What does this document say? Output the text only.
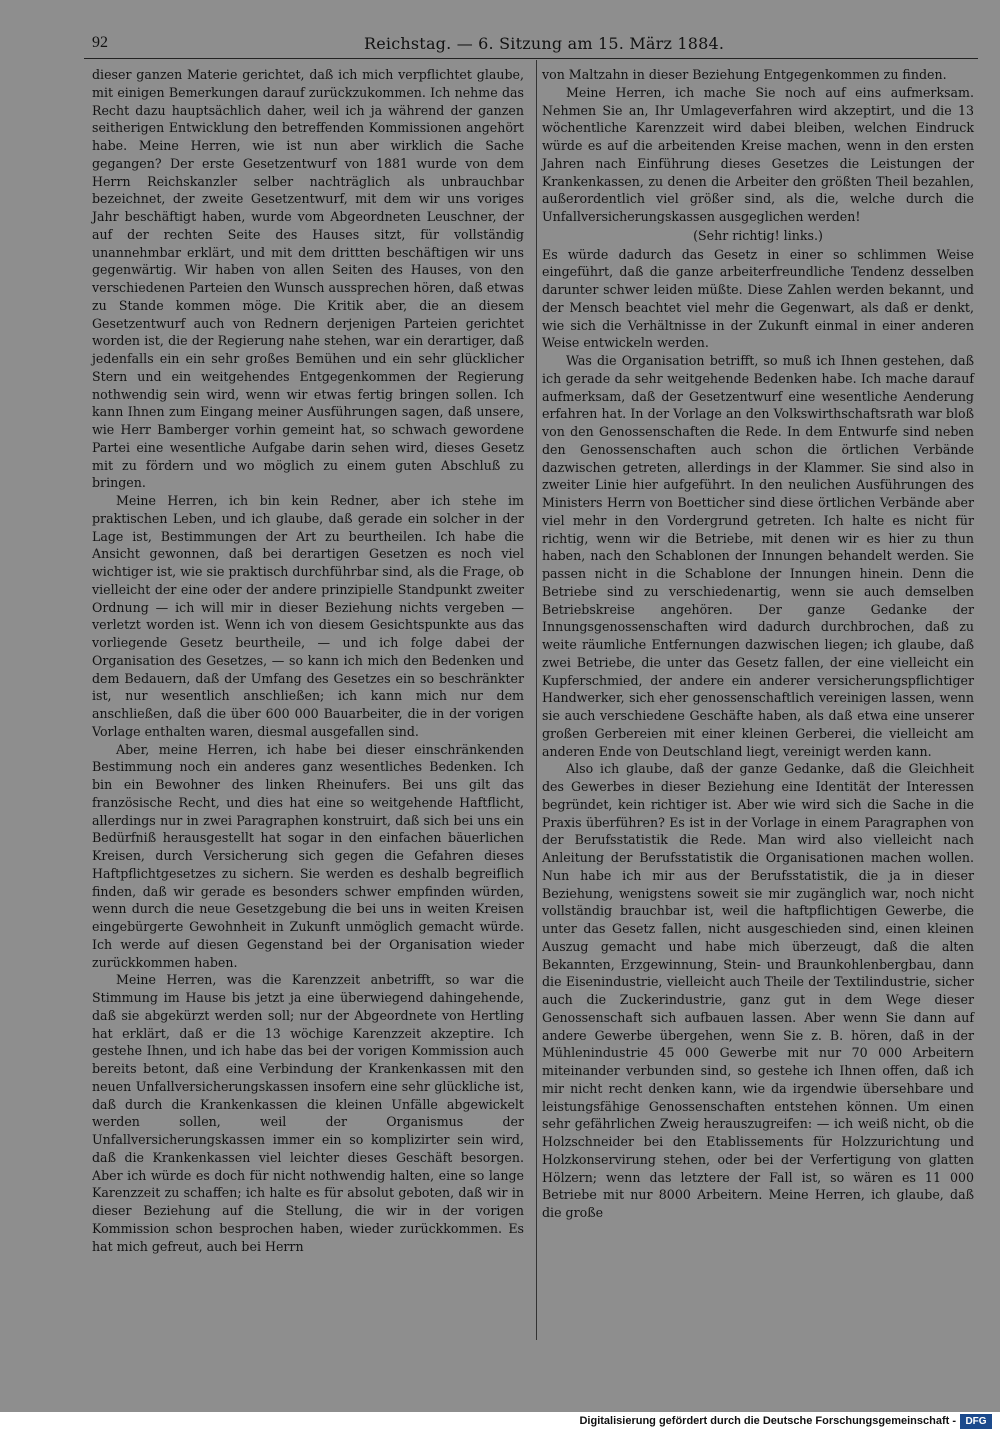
92	Reichstag. — 6. Sitzung am 15. März 1884.

dieser ganzen Materie gerichtet, daß ich mich verpflichtet glaube, mit einigen Bemerkungen darauf zurückzukommen. Ich nehme das Recht dazu hauptsächlich daher, weil ich ja während der ganzen seitherigen Entwicklung den betreffenden Kommissionen angehört habe. Meine Herren, wie ist nun aber wirklich die Sache gegangen? Der erste Gesetzentwurf von 1881 wurde von dem Herrn Reichskanzler selber nachträglich als unbrauchbar bezeichnet, der zweite Gesetzentwurf, mit dem wir uns voriges Jahr beschäftigt haben, wurde vom Abgeordneten Leuschner, der auf der rechten Seite des Hauses sitzt, für vollständig unannehmbar erklärt, und mit dem drittten beschäftigen wir uns gegenwärtig. Wir haben von allen Seiten des Hauses, von den verschiedenen Parteien den Wunsch aussprechen hören, daß etwas zu Stande kommen möge. Die Kritik aber, die an diesem Gesetzentwurf auch von Rednern derjenigen Parteien gerichtet worden ist, die der Regierung nahe stehen, war ein derartiger, daß jedenfalls ein ein sehr großes Bemühen und ein sehr glücklicher Stern und ein weitgehendes Entgegenkommen der Regierung nothwendig sein wird, wenn wir etwas fertig bringen sollen. Ich kann Ihnen zum Eingang meiner Ausführungen sagen, daß unsere, wie Herr Bamberger vorhin gemeint hat, so schwach gewordene Partei eine wesentliche Aufgabe darin sehen wird, dieses Gesetz mit zu fördern und wo möglich zu einem guten Abschluß zu bringen.

Meine Herren, ich bin kein Redner, aber ich stehe im praktischen Leben, und ich glaube, daß gerade ein solcher in der Lage ist, Bestimmungen der Art zu beurtheilen. Ich habe die Ansicht gewonnen, daß bei derartigen Gesetzen es noch viel wichtiger ist, wie sie praktisch durchführbar sind, als die Frage, ob vielleicht der eine oder der andere prinzipielle Standpunkt zweiter Ordnung — ich will mir in dieser Beziehung nichts vergeben — verletzt worden ist. Wenn ich von diesem Gesichtspunkte aus das vorliegende Gesetz beurtheile, — und ich folge dabei der Organisation des Gesetzes, — so kann ich mich den Bedenken und dem Bedauern, daß der Umfang des Gesetzes ein so beschränkter ist, nur wesentlich anschließen; ich kann mich nur dem anschließen, daß die über 600 000 Bauarbeiter, die in der vorigen Vorlage enthalten waren, diesmal ausgefallen sind.

Aber, meine Herren, ich habe bei dieser einschränkenden Bestimmung noch ein anderes ganz wesentliches Bedenken. Ich bin ein Bewohner des linken Rheinufers. Bei uns gilt das französische Recht, und dies hat eine so weitgehende Haftflicht, allerdings nur in zwei Paragraphen konstruirt, daß sich bei uns ein Bedürfniß herausgestellt hat sogar in den einfachen bäuerlichen Kreisen, durch Versicherung sich gegen die Gefahren dieses Haftpflichtgesetzes zu sichern. Sie werden es deshalb begreiflich finden, daß wir gerade es besonders schwer empfinden würden, wenn durch die neue Gesetzgebung die bei uns in weiten Kreisen eingebürgerte Gewohnheit in Zukunft unmöglich gemacht würde. Ich werde auf diesen Gegenstand bei der Organisation wieder zurückkommen haben.

Meine Herren, was die Karenzzeit anbetrifft, so war die Stimmung im Hause bis jetzt ja eine überwiegend dahingehende, daß sie abgekürzt werden soll; nur der Abgeordnete von Hertling hat erklärt, daß er die 13 wöchige Karenzzeit akzeptire. Ich gestehe Ihnen, und ich habe das bei der vorigen Kommission auch bereits betont, daß eine Verbindung der Krankenkassen mit den neuen Unfallversicherungskassen insofern eine sehr glückliche ist, daß durch die Krankenkassen die kleinen Unfälle abgewickelt werden sollen, weil der Organismus der Unfallversicherungskassen immer ein so komplizirter sein wird, daß die Krankenkassen viel leichter dieses Geschäft besorgen. Aber ich würde es doch für nicht nothwendig halten, eine so lange Karenzzeit zu schaffen; ich halte es für absolut geboten, daß wir in dieser Beziehung auf die Stellung, die wir in der vorigen Kommission schon besprochen haben, wieder zurückkommen. Es hat mich gefreut, auch bei Herrn

von Maltzahn in dieser Beziehung Entgegenkommen zu finden.

Meine Herren, ich mache Sie noch auf eins aufmerksam. Nehmen Sie an, Ihr Umlageverfahren wird akzeptirt, und die 13 wöchentliche Karenzzeit wird dabei bleiben, welchen Eindruck würde es auf die arbeitenden Kreise machen, wenn in den ersten Jahren nach Einführung dieses Gesetzes die Leistungen der Krankenkassen, zu denen die Arbeiter den größten Theil bezahlen, außerordentlich viel größer sind, als die, welche durch die Unfallversicherungskassen ausgeglichen werden!

(Sehr richtig! links.)

Es würde dadurch das Gesetz in einer so schlimmen Weise eingeführt, daß die ganze arbeiterfreundliche Tendenz desselben darunter schwer leiden müßte. Diese Zahlen werden bekannt, und der Mensch beachtet viel mehr die Gegenwart, als daß er denkt, wie sich die Verhältnisse in der Zukunft einmal in einer anderen Weise entwickeln werden.

Was die Organisation betrifft, so muß ich Ihnen gestehen, daß ich gerade da sehr weitgehende Bedenken habe. Ich mache darauf aufmerksam, daß der Gesetzentwurf eine wesentliche Aenderung erfahren hat. In der Vorlage an den Volkswirthschaftsrath war bloß von den Genossenschaften die Rede. In dem Entwurfe sind neben den Genossenschaften auch schon die örtlichen Verbände dazwischen getreten, allerdings in der Klammer. Sie sind also in zweiter Linie hier aufgeführt. In den neulichen Ausführungen des Ministers Herrn von Boetticher sind diese örtlichen Verbände aber viel mehr in den Vordergrund getreten. Ich halte es nicht für richtig, wenn wir die Betriebe, mit denen wir es hier zu thun haben, nach den Schablonen der Innungen behandelt werden. Sie passen nicht in die Schablone der Innungen hinein. Denn die Betriebe sind zu verschiedenartig, wenn sie auch demselben Betriebskreise angehören. Der ganze Gedanke der Innungsgenossenschaften wird dadurch durchbrochen, daß zu weite räumliche Entfernungen dazwischen liegen; ich glaube, daß zwei Betriebe, die unter das Gesetz fallen, der eine vielleicht ein Kupferschmied, der andere ein anderer versicherungspflichtiger Handwerker, sich eher genossenschaftlich vereinigen lassen, wenn sie auch verschiedene Geschäfte haben, als daß etwa eine unserer großen Gerbereien mit einer kleinen Gerberei, die vielleicht am anderen Ende von Deutschland liegt, vereinigt werden kann.

Also ich glaube, daß der ganze Gedanke, daß die Gleichheit des Gewerbes in dieser Beziehung eine Identität der Interessen begründet, kein richtiger ist. Aber wie wird sich die Sache in die Praxis überführen? Es ist in der Vorlage in einem Paragraphen von der Berufsstatistik die Rede. Man wird also vielleicht nach Anleitung der Berufsstatistik die Organisationen machen wollen. Nun habe ich mir aus der Berufsstatistik, die ja in dieser Beziehung, wenigstens soweit sie mir zugänglich war, noch nicht vollständig brauchbar ist, weil die haftpflichtigen Gewerbe, die unter das Gesetz fallen, nicht ausgeschieden sind, einen kleinen Auszug gemacht und habe mich überzeugt, daß die alten Bekannten, Erzgewinnung, Stein- und Braunkohlenbergbau, dann die Eisenindustrie, vielleicht auch Theile der Textilindustrie, sicher auch die Zuckerindustrie, ganz gut in dem Wege dieser Genossenschaft sich aufbauen lassen. Aber wenn Sie dann auf andere Gewerbe übergehen, wenn Sie z. B. hören, daß in der Mühlenindustrie 45 000 Gewerbe mit nur 70 000 Arbeitern miteinander verbunden sind, so gestehe ich Ihnen offen, daß ich mir nicht recht denken kann, wie da irgendwie übersehbare und leistungsfähige Genossenschaften entstehen können. Um einen sehr gefährlichen Zweig herauszugreifen: — ich weiß nicht, ob die Holzschneider bei den Etablissements für Holzzurichtung und Holzkonservirung stehen, oder bei der Verfertigung von glatten Hölzern; wenn das letztere der Fall ist, so wären es 11 000 Betriebe mit nur 8000 Arbeitern. Meine Herren, ich glaube, daß die große

Digitalisierung gefördert durch die Deutsche Forschungsgemeinschaft - DFG
